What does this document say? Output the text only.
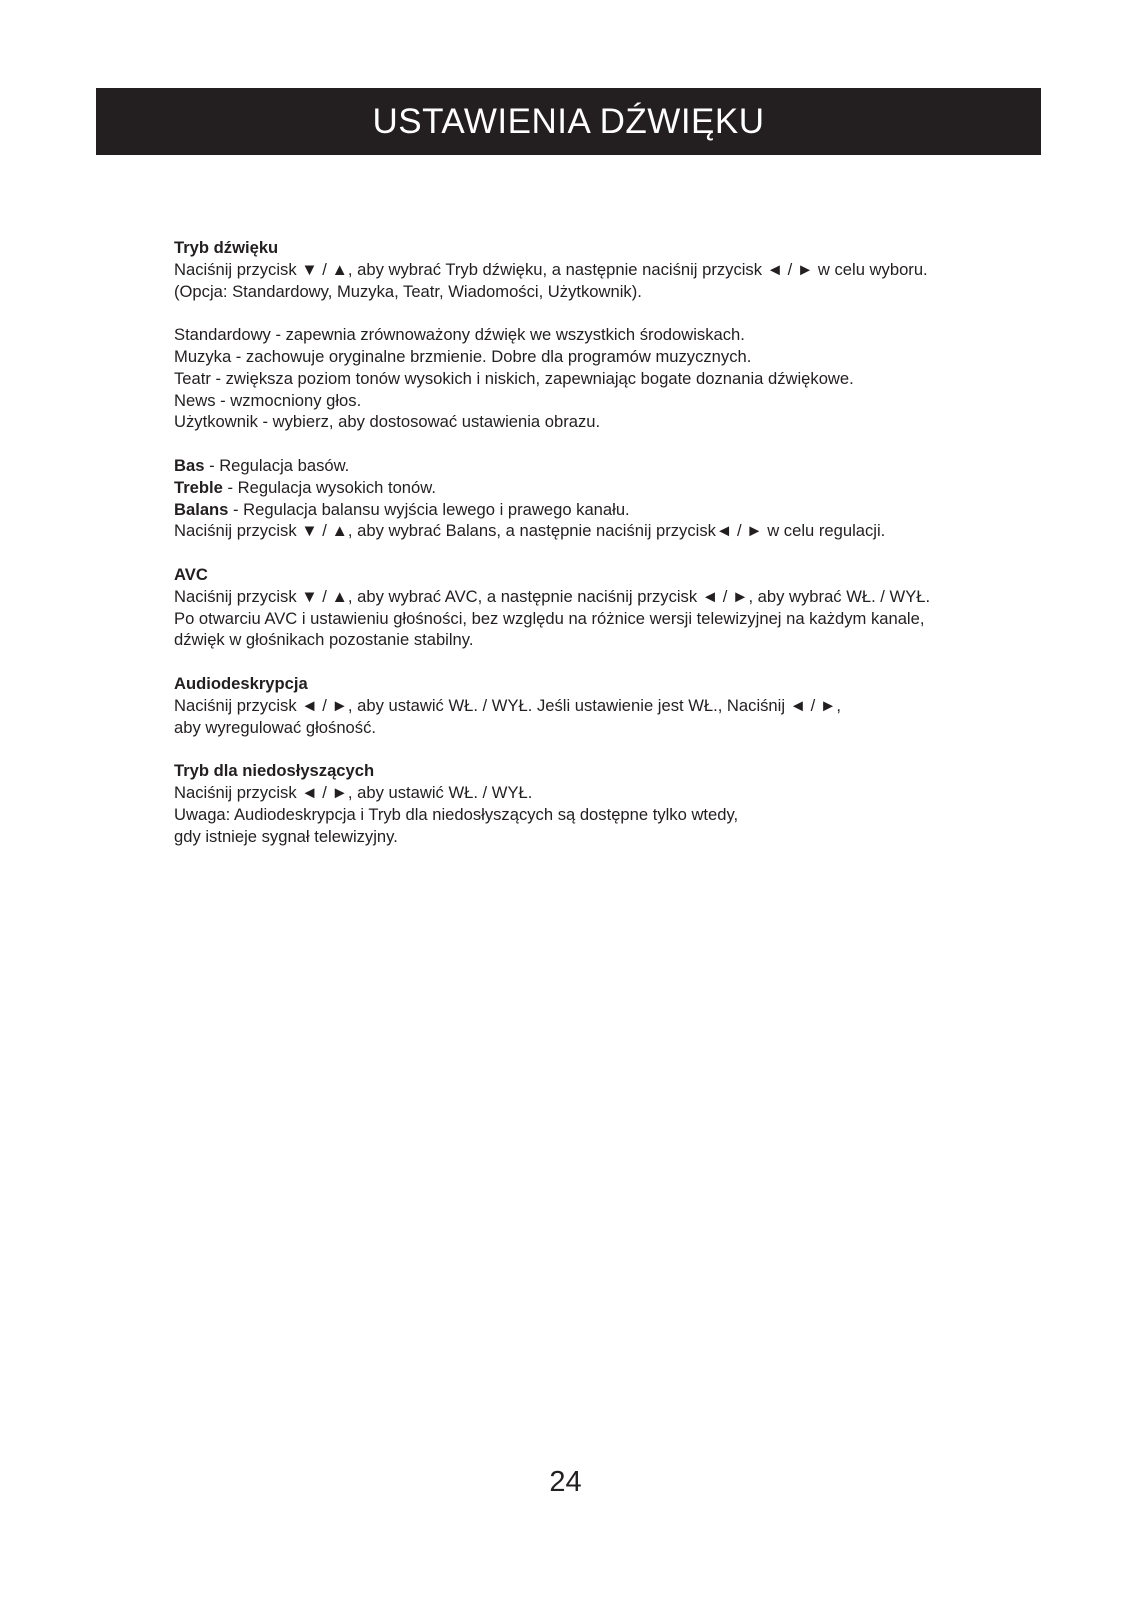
USTAWIENIA DŹWIĘKU
Tryb dźwięku
Naciśnij przycisk ▼ / ▲, aby wybrać Tryb dźwięku, a następnie naciśnij przycisk ◄ / ► w celu wyboru.
(Opcja: Standardowy, Muzyka, Teatr, Wiadomości, Użytkownik).
Standardowy - zapewnia zrównoważony dźwięk we wszystkich środowiskach.
Muzyka - zachowuje oryginalne brzmienie. Dobre dla programów muzycznych.
Teatr - zwiększa poziom tonów wysokich i niskich, zapewniając bogate doznania dźwiękowe.
News - wzmocniony głos.
Użytkownik - wybierz, aby dostosować ustawienia obrazu.
Bas - Regulacja basów.
Treble - Regulacja wysokich tonów.
Balans - Regulacja balansu wyjścia lewego i prawego kanału.
Naciśnij przycisk ▼ / ▲, aby wybrać Balans, a następnie naciśnij przycisk◄ / ► w celu regulacji.
AVC
Naciśnij przycisk ▼ / ▲, aby wybrać AVC, a następnie naciśnij przycisk ◄ / ►, aby wybrać WŁ. / WYŁ.
Po otwarciu AVC i ustawieniu głośności, bez względu na różnice wersji telewizyjnej na każdym kanale,
dźwięk w głośnikach pozostanie stabilny.
Audiodeskrypcja
Naciśnij przycisk ◄ / ►, aby ustawić WŁ. / WYŁ. Jeśli ustawienie jest WŁ., Naciśnij ◄ / ►,
aby wyregulować głośność.
Tryb dla niedosłyszących
Naciśnij przycisk ◄ / ►, aby ustawić WŁ. / WYŁ.
Uwaga: Audiodeskrypcja i Tryb dla niedosłyszących są dostępne tylko wtedy,
gdy istnieje sygnał telewizyjny.
24
